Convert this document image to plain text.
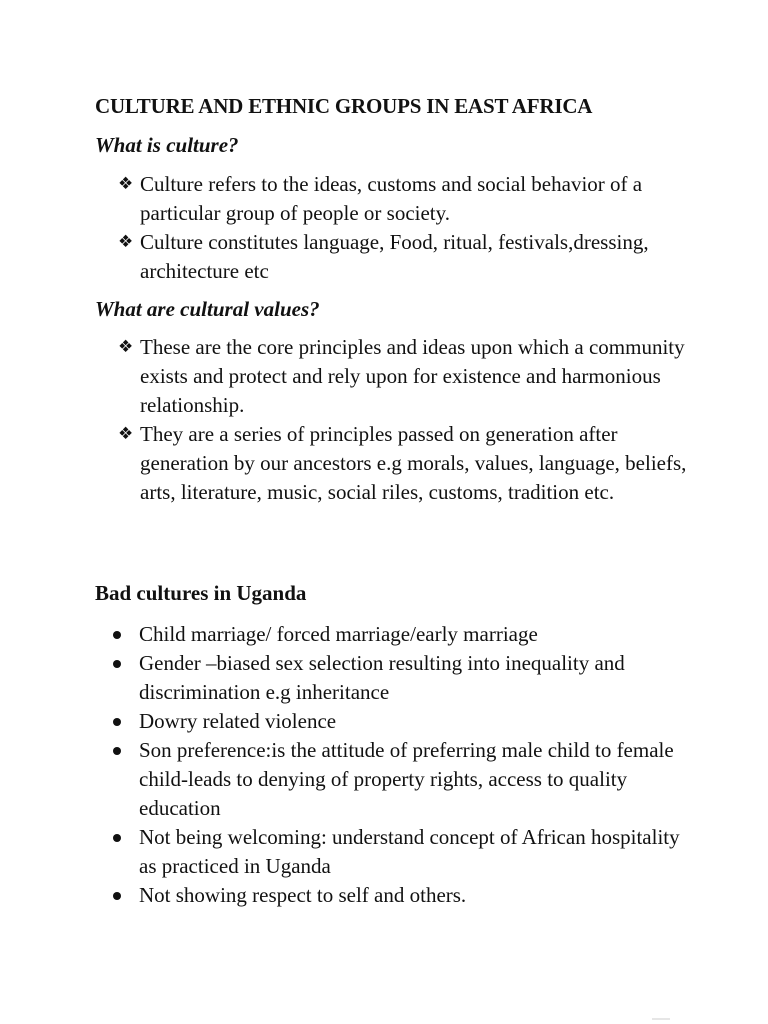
CULTURE AND ETHNIC GROUPS IN EAST AFRICA
What is culture?
❖ Culture refers to the ideas, customs and social behavior of a particular group of people or society.
❖ Culture constitutes language, Food, ritual, festivals,dressing, architecture etc
What are cultural values?
❖ These are the core principles and ideas upon which a community exists and protect and rely upon for existence and harmonious relationship.
❖ They are a series of principles passed on generation after generation by our ancestors e.g morals, values, language, beliefs, arts, literature, music, social riles, customs, tradition etc.
Bad cultures in Uganda
Child marriage/ forced marriage/early marriage
Gender –biased sex selection resulting into inequality and discrimination e.g inheritance
Dowry related violence
Son preference:is the attitude of preferring male child to female child-leads to denying of property rights, access to quality education
Not being welcoming: understand concept of African hospitality as practiced in Uganda
Not showing respect to self and others.
